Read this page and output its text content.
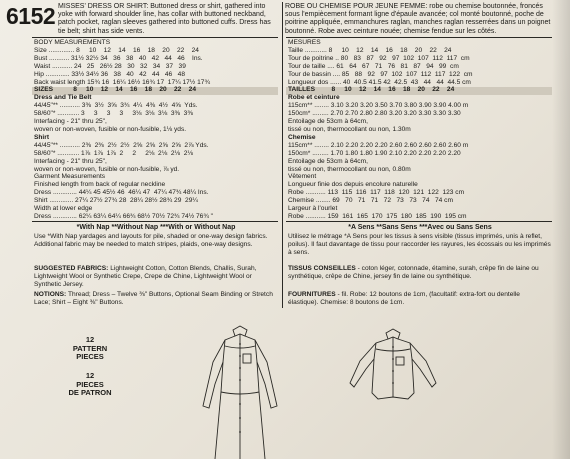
6152 MISSES' DRESS OR SHIRT: Buttoned dress or shirt, gathered into yoke with forward shoulder line, has collar with buttoned neckband, patch pocket, raglan sleeves gathered into buttoned cuffs. Dress has tie belt; shirt has side vents.
ROBE OU CHEMISE POUR JEUNE FEMME: robe ou chemise boutonnée, froncés sous l'empiècement formant ligne d'épaule avancée; col monté boutonné, poche de poitrine appliquée, emmanchures raglan, manches raglan resserrées dans un poignet boutonné. Robe avec ceinture nouée; chemise fendue sur les côtés.
BODY MEASUREMENTS
Size .............. 8     10    12    14    16    18    20    22    24
Bust ........... 31½ 32½ 34   36   38   40   42   44   46    Ins.
Waist ........... 24   25   26½ 28   30   32   34   37   39
Hip ............. 33½ 34½ 36   38   40   42   44   46   48
Back waist length 15¾ 16  16¼ 16½ 16¾ 17  17¼ 17½ 17¾
SIZES           8     10    12    14    16    18    20    22    24
Dress and Tie Belt
44/45"** ........... 3⅜  3½  3⅝  3¾  4¼  4⅜  4½  4⅝  Yds.
58/60"* ............ 3     3     3     3     3⅛  3⅛  3⅛  3⅜  3⅜
Interfacing - 21" thru 25",
woven or non-woven, fusible or non-fusible, 1⅛ yds.
Shirt
44/45"** ........... 2⅜  2⅜  2½  2½  2⅝  2⅝  2⅝  2⅝  2⅞ Yds.
58/60"* ............ 1⅞  1⅞  1⅞  2     2     2⅛  2⅛  2⅛  2⅛
Interfacing - 21" thru 25",
woven or non-woven, fusible or non-fusible, ⅞ yd.
Garment Measurements
Finished length from back of regular neckline
Dress ............. 44¼ 45 45½ 46  46¼ 47  47¼ 47¾ 48¼ Ins.
Shirt ............. 27¼ 27½ 27¾ 28  28¼ 28½ 28¾ 29  29¼
Width at lower edge
Dress ............. 62¼ 63¼ 64¼ 66¾ 68½ 70½ 72¾ 74½ 76¾ "
MESURES
Taille ............ 8     10    12    14    16    18    20    22    24
Tour de poitrine .. 80   83   87   92   97  102  107  112  117  cm
Tour de taille .... 61   64   67   71   76   81   87   94   99  cm
Tour de bassin .... 85   88   92   97  102  107  112  117  122  cm
Longueur dos ...... 40  40.5 41.5 42  42.5  43   44   44  44.5 cm
TAILLES         8     10    12    14    16    18    20    22    24
Robe et ceinture
115cm** ........ 3.10 3.20 3.20 3.50 3.70 3.80 3.90 3.90 4.00 m
150cm* ......... 2.70 2.70 2.80 2.80 3.20 3.20 3.30 3.30 3.30
Entoilage de 53cm à 64cm,
tissé ou non, thermocollant ou non, 1.30m
Chemise
115cm** ........ 2.10 2.20 2.20 2.20 2.60 2.60 2.60 2.60 2.60 m
150cm* ......... 1.70 1.80 1.80 1.90 2.10 2.20 2.20 2.20 2.20
Entoilage de 53cm à 64cm,
tissé ou non, thermocollant ou non, 0.80m
Vêtement
Longueur finie dos depuis encolure naturelle
Robe ........... 113  115  116  117  118  120  121  122  123 cm
Chemise ........ 69   70   71   71   72   73   73   74   74 cm
Largeur à l'ourlet
Robe ........... 159  161  165  170  175  180  185  190  195 cm
*With Nap **Without Nap ***With or Without Nap	*A Sens **Sans Sens ***Avec ou Sans Sens
Use *With Nap yardages and layouts for pile, shaded or one-way design fabrics. Additional fabric may be needed to match stripes, plaids, one-way designs.
Utilisez le métrage *A Sens pour les tissus à sens visible (tissus imprimés, unis à reflet, poilus). Il faut davantage de tissu pour raccorder les rayures, les écossais ou les imprimés à sens.
SUGGESTED FABRICS: Lightweight Cotton, Cotton Blends, Challis, Surah, Lightweight Wool or Synthetic Crepe, Crepe de Chine, Lightweight Wool or Synthetic Jersey.
TISSUS CONSEILLES - coton léger, cotonnade, étamine, surah, crêpe fin de laine ou synthétique, crêpe de Chine, jersey fin de laine ou synthétique.
NOTIONS: Thread; Dress – Twelve ⅜" Buttons, Optional Seam Binding or Stretch Lace; Shirt – Eight ⅜" Buttons.
FOURNITURES - fil. Robe: 12 boutons de 1cm, (facultatif: extra-fort ou dentelle élastique). Chemise: 8 boutons de 1cm.
12
PATTERN
PIECES
12
PIECES
DE PATRON
